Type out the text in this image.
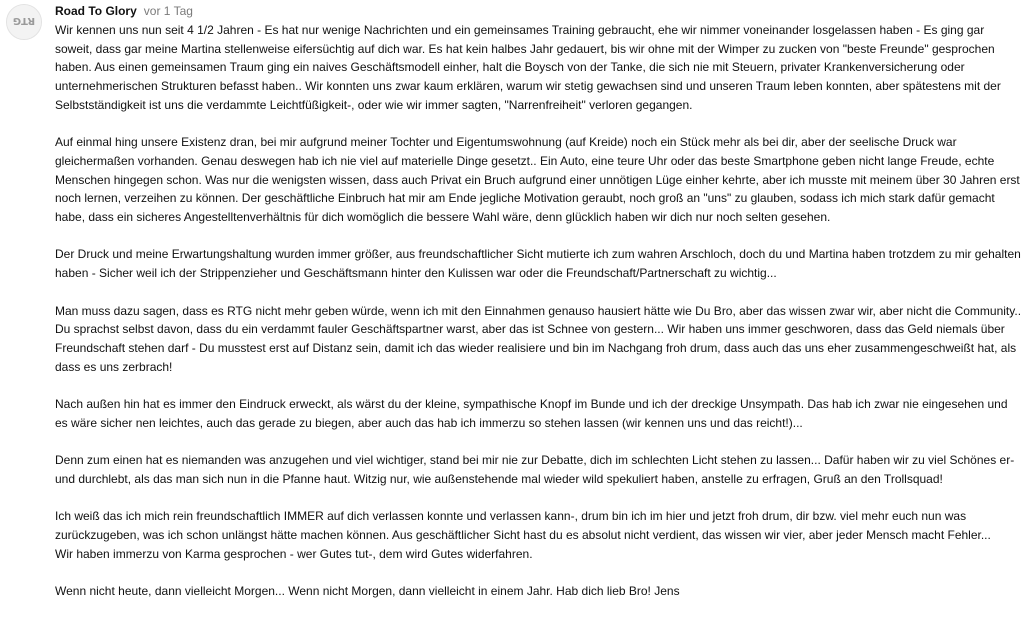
RTG
Road To Glory vor 1 Tag

Wir kennen uns nun seit 4 1/2 Jahren - Es hat nur wenige Nachrichten und ein gemeinsames Training gebraucht, ehe wir nimmer voneinander losgelassen haben - Es ging gar soweit, dass gar meine Martina stellenweise eifersüchtig auf dich war. Es hat kein halbes Jahr gedauert, bis wir ohne mit der Wimper zu zucken von "beste Freunde" gesprochen haben. Aus einen gemeinsamen Traum ging ein naives Geschäftsmodell einher, halt die Boysch von der Tanke, die sich nie mit Steuern, privater Krankenversicherung oder unternehmerischen Strukturen befasst haben.. Wir konnten uns zwar kaum erklären, warum wir stetig gewachsen sind und unseren Traum leben konnten, aber spätestens mit der Selbstständigkeit ist uns die verdammte Leichtfüßigkeit-, oder wie wir immer sagten, "Narrenfreiheit" verloren gegangen.

Auf einmal hing unsere Existenz dran, bei mir aufgrund meiner Tochter und Eigentumswohnung (auf Kreide) noch ein Stück mehr als bei dir, aber der seelische Druck war gleichermaßen vorhanden. Genau deswegen hab ich nie viel auf materielle Dinge gesetzt.. Ein Auto, eine teure Uhr oder das beste Smartphone geben nicht lange Freude, echte Menschen hingegen schon. Was nur die wenigsten wissen, dass auch Privat ein Bruch aufgrund einer unnötigen Lüge einher kehrte, aber ich musste mit meinem über 30 Jahren erst noch lernen, verzeihen zu können. Der geschäftliche Einbruch hat mir am Ende jegliche Motivation geraubt, noch groß an "uns" zu glauben, sodass ich mich stark dafür gemacht habe, dass ein sicheres Angestelltenverhältnis für dich womöglich die bessere Wahl wäre, denn glücklich haben wir dich nur noch selten gesehen.

Der Druck und meine Erwartungshaltung wurden immer größer, aus freundschaftlicher Sicht mutierte ich zum wahren Arschloch, doch du und Martina haben trotzdem zu mir gehalten haben - Sicher weil ich der Strippenzieher und Geschäftsmann hinter den Kulissen war oder die Freundschaft/Partnerschaft zu wichtig...

Man muss dazu sagen, dass es RTG nicht mehr geben würde, wenn ich mit den Einnahmen genauso hausiert hätte wie Du Bro, aber das wissen zwar wir, aber nicht die Community.. Du sprachst selbst davon, dass du ein verdammt fauler Geschäftspartner warst, aber das ist Schnee von gestern... Wir haben uns immer geschworen, dass das Geld niemals über Freundschaft stehen darf - Du musstest erst auf Distanz sein, damit ich das wieder realisiere und bin im Nachgang froh drum, dass auch das uns eher zusammengeschweißt hat, als dass es uns zerbrach!

Nach außen hin hat es immer den Eindruck erweckt, als wärst du der kleine, sympathische Knopf im Bunde und ich der dreckige Unsympath. Das hab ich zwar nie eingesehen und es wäre sicher nen leichtes, auch das gerade zu biegen, aber auch das hab ich immerzu so stehen lassen (wir kennen uns und das reicht!)...

Denn zum einen hat es niemanden was anzugehen und viel wichtiger, stand bei mir nie zur Debatte, dich im schlechten Licht stehen zu lassen... Dafür haben wir zu viel Schönes er- und durchlebt, als das man sich nun in die Pfanne haut. Witzig nur, wie außenstehende mal wieder wild spekuliert haben, anstelle zu erfragen, Gruß an den Trollsquad!

Ich weiß das ich mich rein freundschaftlich IMMER auf dich verlassen konnte und verlassen kann-, drum bin ich im hier und jetzt froh drum, dir bzw. viel mehr euch nun was zurückzugeben, was ich schon unlängst hätte machen können. Aus geschäftlicher Sicht hast du es absolut nicht verdient, das wissen wir vier, aber jeder Mensch macht Fehler...
Wir haben immerzu von Karma gesprochen - wer Gutes tut-, dem wird Gutes widerfahren.

Wenn nicht heute, dann vielleicht Morgen... Wenn nicht Morgen, dann vielleicht in einem Jahr. Hab dich lieb Bro! Jens
